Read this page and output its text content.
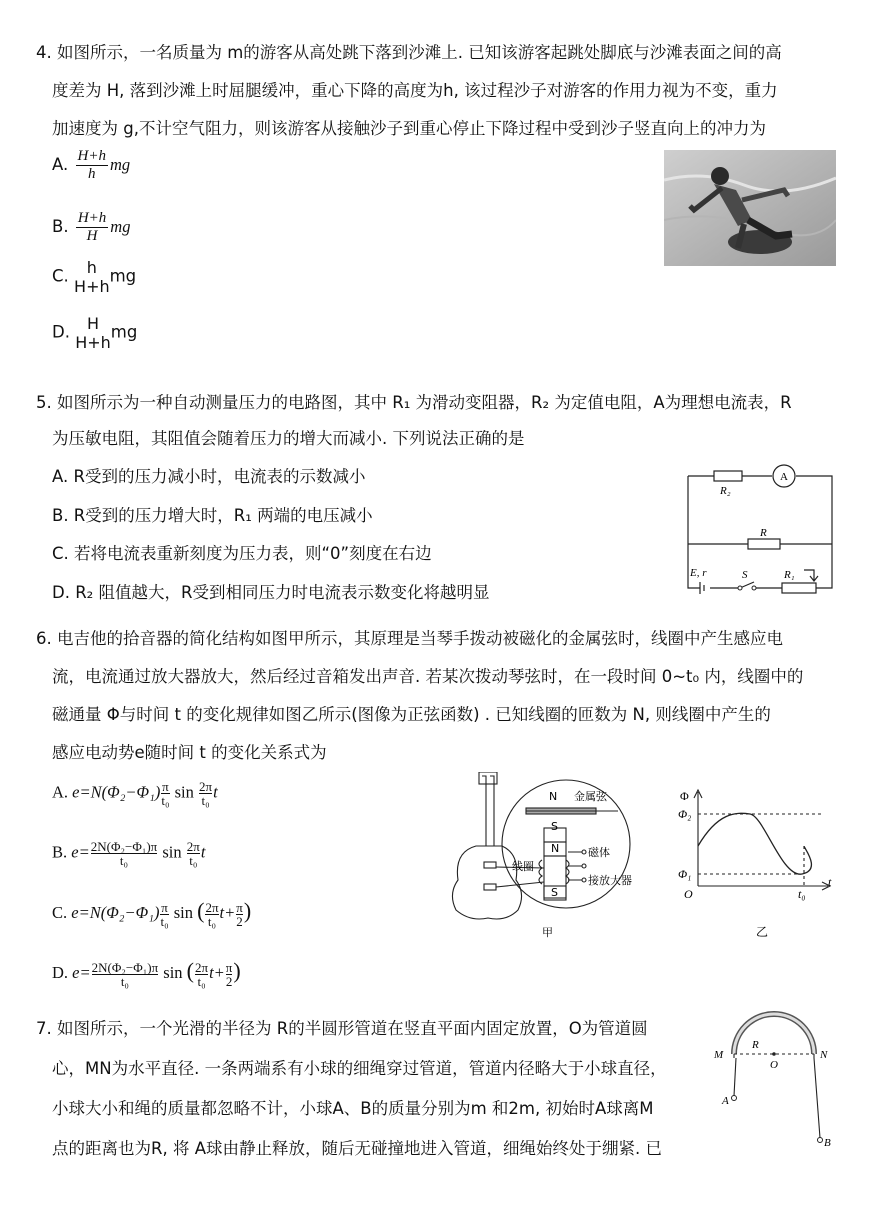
4. 如图所示，一名质量为 m的游客从高处跳下落到沙滩上. 已知该游客起跳处脚底与沙滩表面之间的高
度差为 H, 落到沙滩上时屈腿缓冲，重心下降的高度为h, 该过程沙子对游客的作用力视为不变，重力
加速度为 g,不计空气阻力，则该游客从接触沙子到重心停止下降过程中受到沙子竖直向上的冲力为
A. $\frac{H+h}{h}$ mg
B. $\frac{H+h}{H}$ mg
C.	h
H+h
mg
D.	H
H+h
mg
5. 如图所示为一种自动测量压力的电路图，其中 R₁ 为滑动变阻器，R₂ 为定值电阻，A为理想电流表，R
为压敏电阻，其阻值会随着压力的增大而减小. 下列说法正确的是
A. R受到的压力减小时，电流表的示数减小
B. R受到的压力增大时，R₁ 两端的电压减小
C. 若将电流表重新刻度为压力表，则“0”刻度在右边
D. R₂ 阻值越大，R受到相同压力时电流表示数变化将越明显
R₂
A
R
E, r	S	R₁
6. 电吉他的拾音器的简化结构如图甲所示，其原理是当琴手拨动被磁化的金属弦时，线圈中产生感应电
流，电流通过放大器放大，然后经过音箱发出声音. 若某次拨动琴弦时，在一段时间 0~t₀ 内，线圈中的
磁通量 Φ与时间 t 的变化规律如图乙所示(图像为正弦函数) . 已知线圈的匝数为 N, 则线圈中产生的
感应电动势e随时间 t 的变化关系式为
A. $e=N(\Phi_2-\Phi_1) \frac{\pi}{\text{t₀}}$ $\sin \frac{2\pi}{\text{t₀}}$ t
B. $e= \frac{\text{2N(Φ₂−Φ₁)π}}{\text{t₀}}$ $\sin \frac{2\pi}{\text{t₀}}$ t
C. $e=N(\Phi_2-\Phi_1) \frac{\pi}{\text{t₀}}$ sin ( $\frac{2\pi}{\text{t₀}} t+ \frac{\pi}{2}$ )
D. $e= \frac{\text{2N(Φ₂−Φ₁)π}}{\text{t₀}}$ sin ( $\frac{2\pi}{\text{t₀}} t+ \frac{\pi}{2}$ )
N 金属弦
S
N	磁体
线圈
接放大器
S
甲
Φ
Φ₂
Φ₁
O	t₀
t
乙
7. 如图所示，一个光滑的半径为 R的半圆形管道在竖直平面内固定放置，O为管道圆
心，MN为水平直径. 一条两端系有小球的细绳穿过管道，管道内径略大于小球直径，
小球大小和绳的质量都忽略不计，小球A、B的质量分别为m 和2m, 初始时A球离M
点的距离也为R, 将 A球由静止释放，随后无碰撞地进入管道，细绳始终处于绷紧. 已
M
R
O
N
A
B
